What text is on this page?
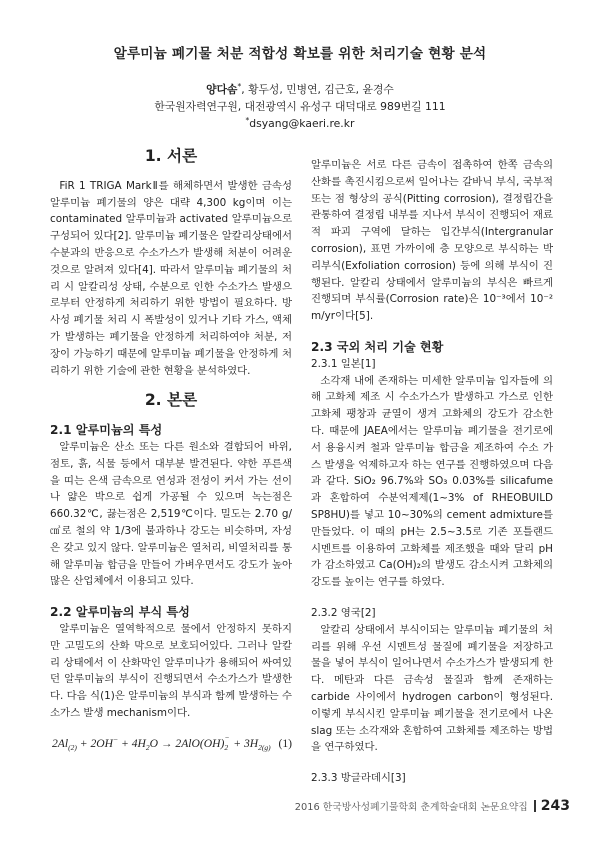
알루미늄 폐기물 처분 적합성 확보를 위한 처리기술 현황 분석
양다솜*, 황두성, 민병연, 김근호, 윤경수
한국원자력연구원, 대전광역시 유성구 대덕대로 989번길 111
*dsyang@kaeri.re.kr
1. 서론

FiR 1 TRIGA MarkⅡ를 해체하면서 발생한 금속성 알루미늄 폐기물의 양은 대략 4,300 kg이며 이는 contaminated 알루미늄과 activated 알루미늄으로 구성되어 있다[2]. 알루미늄 폐기물은 알칼리상태에서 수분과의 반응으로 수소가스가 발생해 처분이 어려운 것으로 알려져 있다[4]. 따라서 알루미늄 폐기물의 처리 시 알칼리성 상태, 수분으로 인한 수소가스 발생으로부터 안정하게 처리하기 위한 방법이 필요하다. 방사성 폐기물 처리 시 폭발성이 있거나 기타 가스, 액체가 발생하는 폐기물을 안정하게 처리하여야 처분, 저장이 가능하기 때문에 알루미늄 폐기물을 안정하게 처리하기 위한 기술에 관한 현황을 분석하였다.

2. 본론
2.1 알루미늄의 특성

알루미늄은 산소 또는 다른 원소와 결합되어 바위, 점토, 흙, 식물 등에서 대부분 발견된다. 약한 푸른색을 띠는 은색 금속으로 연성과 전성이 커서 가는 선이나 얇은 박으로 쉽게 가공될 수 있으며 녹는점은 660.32℃, 끓는점은 2,519℃이다. 밀도는 2.70 g/㎤로 철의 약 1/3에 불과하나 강도는 비슷하며, 자성은 갖고 있지 않다. 알루미늄은 열처리, 비열처리를 통해 알루미늄 합금을 만들어 가벼우면서도 강도가 높아 많은 산업체에서 이용되고 있다.

2.2 알루미늄의 부식 특성

알루미늄은 열역학적으로 물에서 안정하지 못하지만 고밀도의 산화 막으로 보호되어있다. 그러나 알칼리 상태에서 이 산화막인 알루미나가 용해되어 싸여있던 알루미늄의 부식이 진행되면서 수소가스가 발생한다. 다음 식(1)은 알루미늄의 부식과 함께 발생하는 수소가스 발생 mechanism이다.

$2Al_{(2)} + 2OH^- + 4H_2O \to 2AlO(OH)$ −
$2 + 3H_{2(g)}$ (1)

알루미늄은 서로 다른 금속이 접촉하여 한쪽 금속의 산화를 촉진시킴으로써 일어나는 갈바닉 부식, 국부적 또는 점 형상의 공식(Pitting corrosion), 결정립간을 관통하여 결정립 내부를 지나서 부식이 진행되어 재료적 파괴 구역에 달하는 입간부식(Intergranular corrosion), 표면 가까이에 층 모양으로 부식하는 박리부식(Exfoliation corrosion) 등에 의해 부식이 진행된다. 알칼리 상태에서 알루미늄의 부식은 빠르게 진행되며 부식률(Corrosion rate)은 10⁻³에서 10⁻² m/yr이다[5].

2.3 국외 처리 기술 현황
2.3.1 일본[1]

소각재 내에 존재하는 미세한 알루미늄 입자들에 의해 고화체 제조 시 수소가스가 발생하고 가스로 인한 고화체 팽창과 균열이 생겨 고화체의 강도가 감소한다. 때문에 JAEA에서는 알루미늄 폐기물을 전기로에서 용융시켜 철과 알루미늄 합금을 제조하여 수소 가스 발생을 억제하고자 하는 연구를 진행하였으며 다음과 같다. SiO₂ 96.7%와 SO₃ 0.03%를 silicafume과 혼합하여 수분억제제(1~3% of RHEOBUILD SP8HU)를 넣고 10~30%의 cement admixture를 만들었다. 이 때의 pH는 2.5~3.5로 기존 포틀랜드 시멘트를 이용하여 고화체를 제조했을 때와 달리 pH가 감소하였고 Ca(OH)₂의 발생도 감소시켜 고화체의 강도를 높이는 연구를 하였다.

2.3.2 영국[2]

알칼리 상태에서 부식이되는 알루미늄 폐기물의 처리를 위해 우선 시멘트성 물질에 폐기물을 저장하고 물을 넣어 부식이 일어나면서 수소가스가 발생되게 한다. 메탄과 다른 금속성 물질과 함께 존재하는 carbide 사이에서 hydrogen carbon이 형성된다. 이렇게 부식시킨 알루미늄 폐기물을 전기로에서 나온 slag 또는 소각재와 혼합하여 고화체를 제조하는 방법을 연구하였다.

2.3.3 방글라데시[3]
2016 한국방사성폐기물학회 춘계학술대회 논문요약집 243
